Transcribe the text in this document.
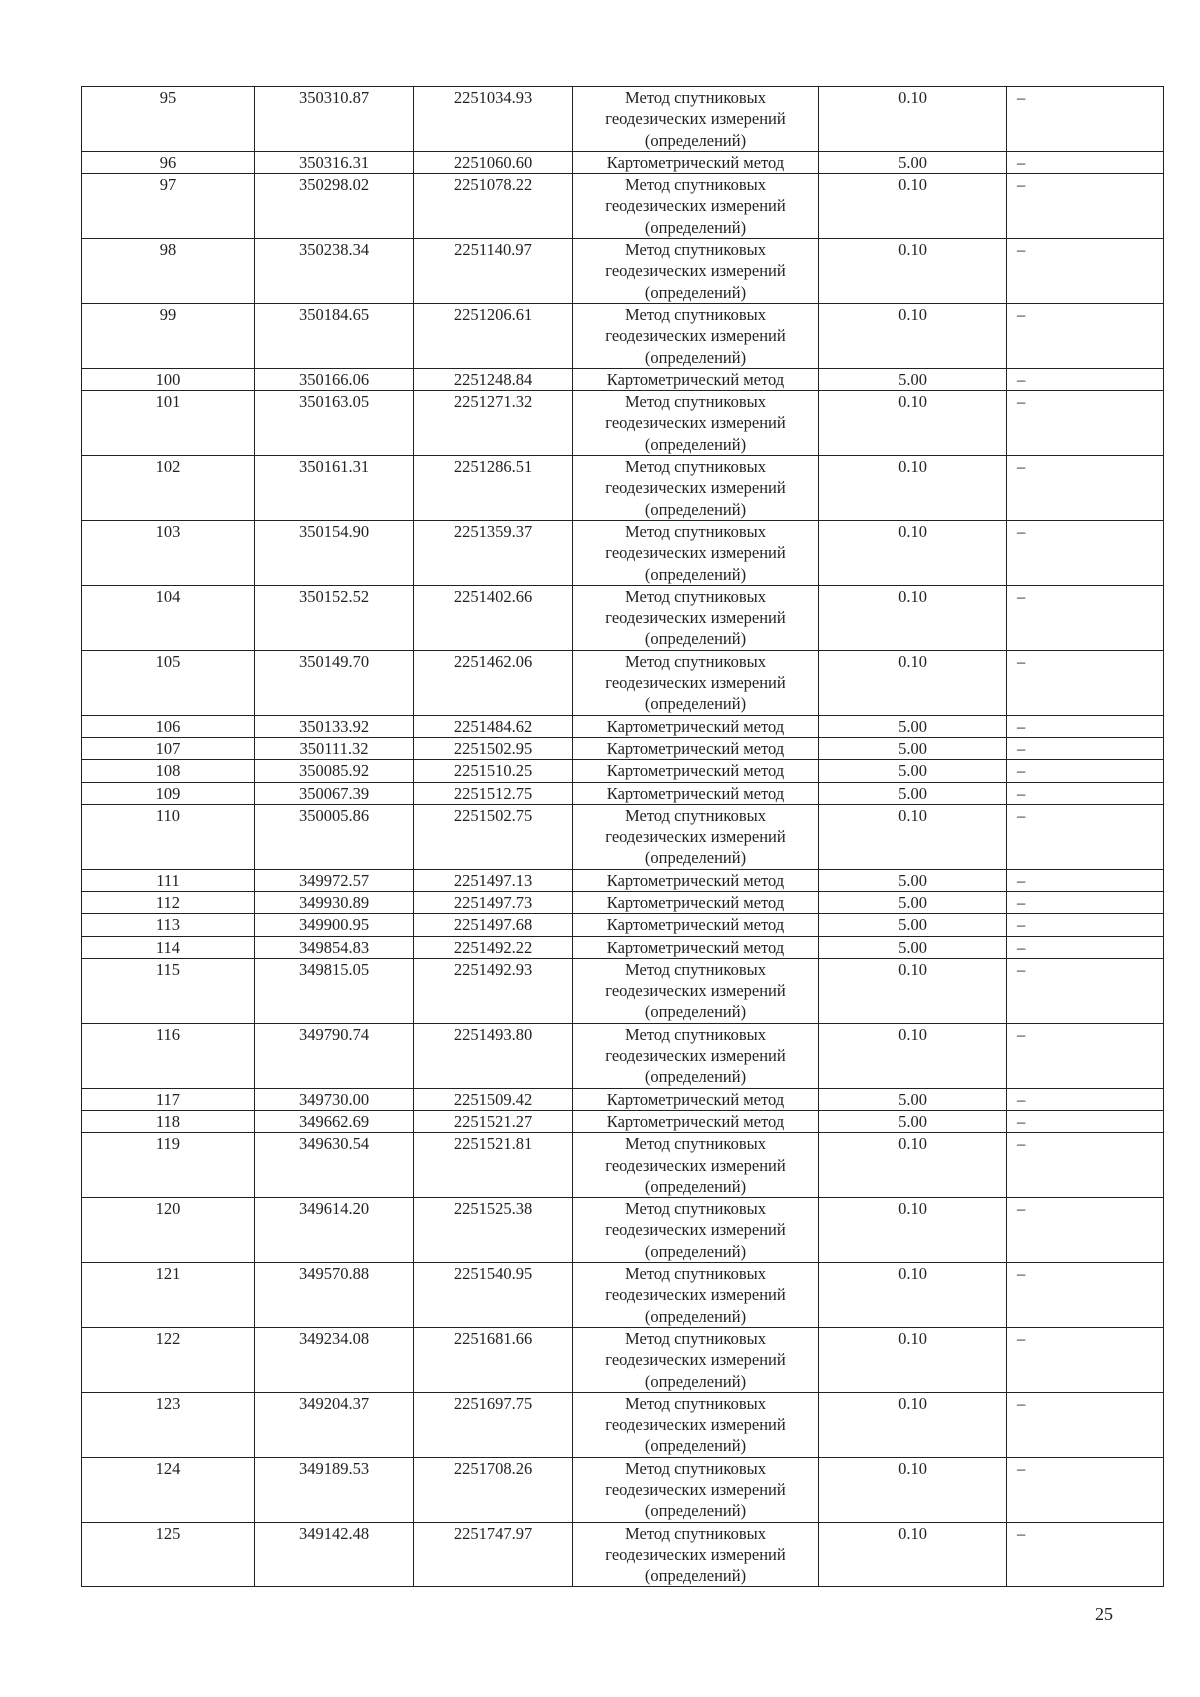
95	350310.87	2251034.93	Метод спутниковых геодезических измерений (определений)	0.10	–
96	350316.31	2251060.60	Картометрический метод	5.00	–
97	350298.02	2251078.22	Метод спутниковых геодезических измерений (определений)	0.10	–
98	350238.34	2251140.97	Метод спутниковых геодезических измерений (определений)	0.10	–
99	350184.65	2251206.61	Метод спутниковых геодезических измерений (определений)	0.10	–
100	350166.06	2251248.84	Картометрический метод	5.00	–
101	350163.05	2251271.32	Метод спутниковых геодезических измерений (определений)	0.10	–
102	350161.31	2251286.51	Метод спутниковых геодезических измерений (определений)	0.10	–
103	350154.90	2251359.37	Метод спутниковых геодезических измерений (определений)	0.10	–
104	350152.52	2251402.66	Метод спутниковых геодезических измерений (определений)	0.10	–
105	350149.70	2251462.06	Метод спутниковых геодезических измерений (определений)	0.10	–
106	350133.92	2251484.62	Картометрический метод	5.00	–
107	350111.32	2251502.95	Картометрический метод	5.00	–
108	350085.92	2251510.25	Картометрический метод	5.00	–
109	350067.39	2251512.75	Картометрический метод	5.00	–
110	350005.86	2251502.75	Метод спутниковых геодезических измерений (определений)	0.10	–
111	349972.57	2251497.13	Картометрический метод	5.00	–
112	349930.89	2251497.73	Картометрический метод	5.00	–
113	349900.95	2251497.68	Картометрический метод	5.00	–
114	349854.83	2251492.22	Картометрический метод	5.00	–
115	349815.05	2251492.93	Метод спутниковых геодезических измерений (определений)	0.10	–
116	349790.74	2251493.80	Метод спутниковых геодезических измерений (определений)	0.10	–
117	349730.00	2251509.42	Картометрический метод	5.00	–
118	349662.69	2251521.27	Картометрический метод	5.00	–
119	349630.54	2251521.81	Метод спутниковых геодезических измерений (определений)	0.10	–
120	349614.20	2251525.38	Метод спутниковых геодезических измерений (определений)	0.10	–
121	349570.88	2251540.95	Метод спутниковых геодезических измерений (определений)	0.10	–
122	349234.08	2251681.66	Метод спутниковых геодезических измерений (определений)	0.10	–
123	349204.37	2251697.75	Метод спутниковых геодезических измерений (определений)	0.10	–
124	349189.53	2251708.26	Метод спутниковых геодезических измерений (определений)	0.10	–
125	349142.48	2251747.97	Метод спутниковых геодезических измерений (определений)	0.10	–
25
